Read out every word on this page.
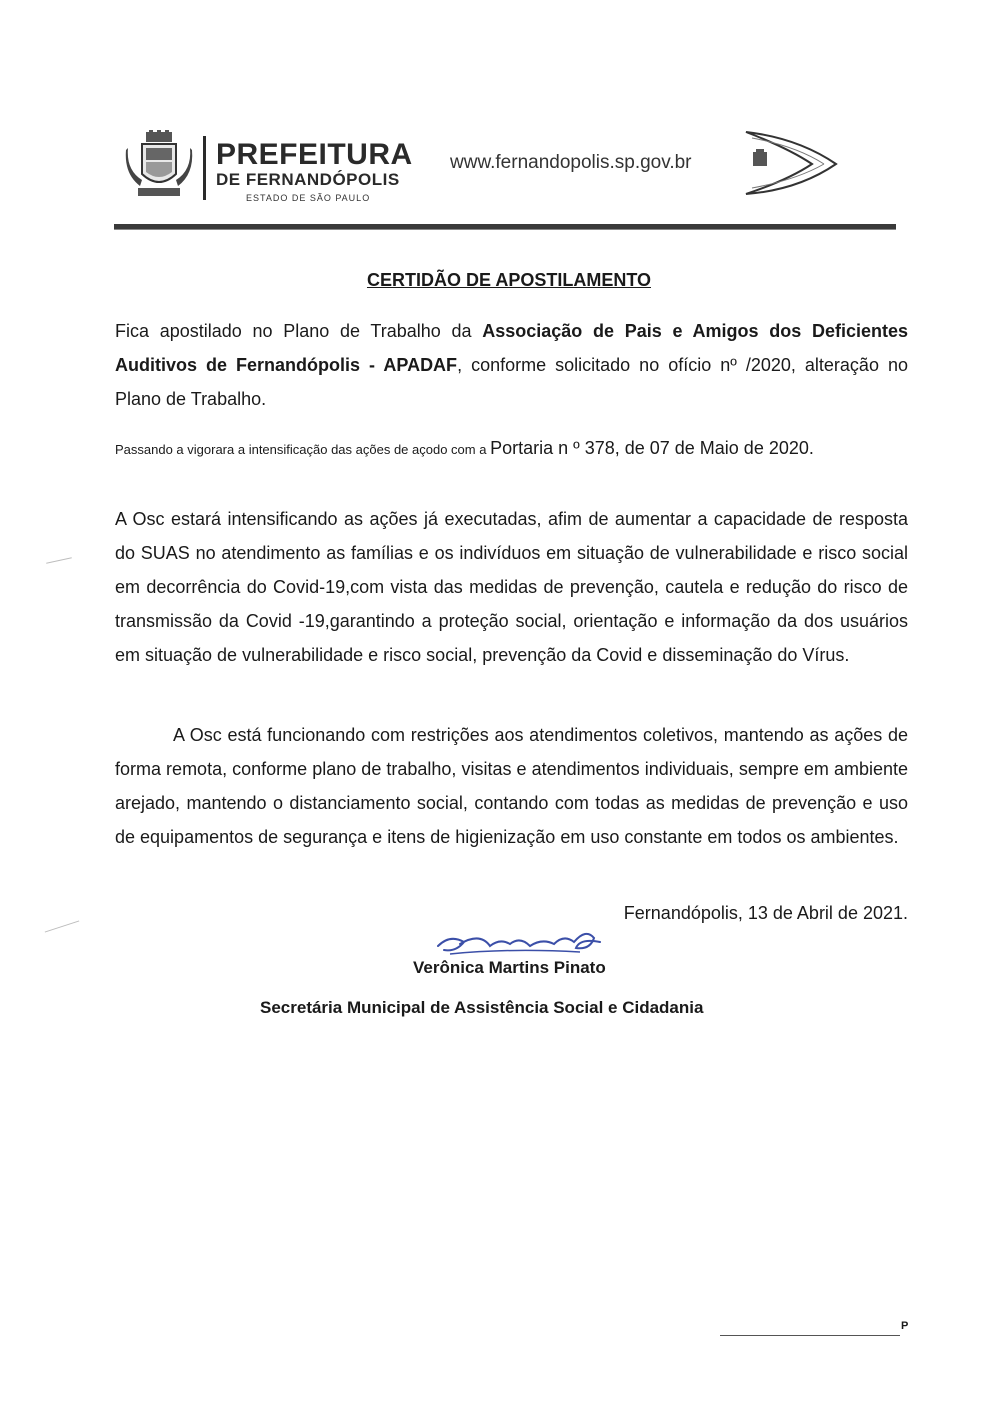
PREFEITURA
DE FERNANDÓPOLIS
ESTADO DE SÃO PAULO
www.fernandopolis.sp.gov.br
CERTIDÃO DE APOSTILAMENTO
Fica apostilado no Plano de Trabalho da Associação de Pais e Amigos dos Deficientes Auditivos de Fernandópolis - APADAF, conforme solicitado no ofício nº /2020, alteração no Plano de Trabalho.
Passando a vigorara a intensificação das ações de açodo com a Portaria n º 378, de 07 de Maio de 2020.
A Osc estará intensificando as ações já executadas, afim de aumentar a capacidade de resposta do SUAS no atendimento as famílias e os indivíduos em situação de vulnerabilidade e risco social em decorrência do Covid-19,com vista das medidas de prevenção, cautela e redução do risco de transmissão da Covid -19,garantindo a proteção social, orientação e informação da dos usuários em situação de vulnerabilidade e risco social, prevenção da Covid e disseminação do Vírus.
A Osc está funcionando com restrições aos atendimentos coletivos, mantendo as ações de forma remota, conforme plano de trabalho, visitas e atendimentos individuais, sempre em ambiente arejado, mantendo o distanciamento social, contando com todas as medidas de prevenção e uso de equipamentos de segurança e itens de higienização em uso constante em todos os ambientes.
Fernandópolis, 13 de Abril de 2021.
Verônica Martins Pinato
Secretária Municipal de Assistência Social e Cidadania
P
